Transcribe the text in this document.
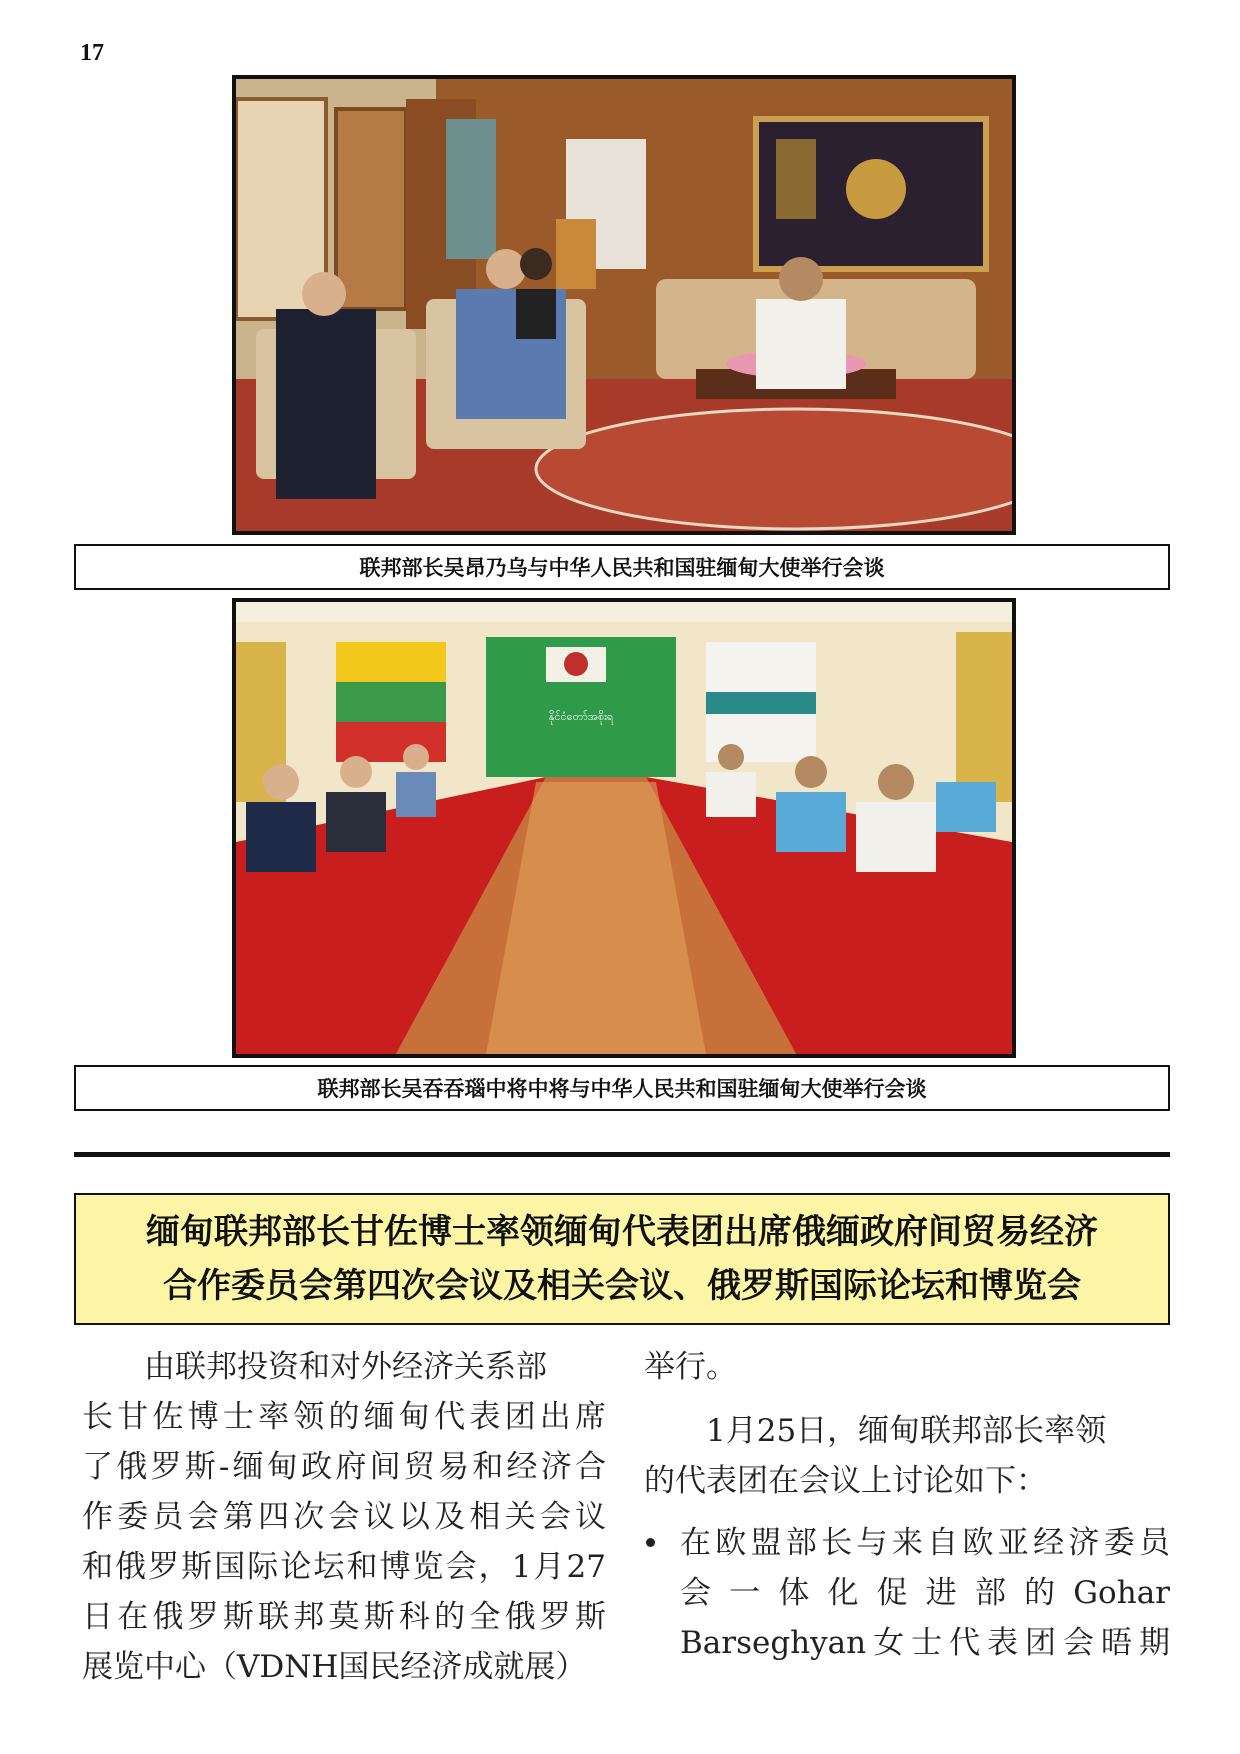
17
联邦部长吴昂乃乌与中华人民共和国驻缅甸大使举行会谈
နိုင်ငံတော်အစိုးရ
联邦部长吴吞吞瑙中将中将与中华人民共和国驻缅甸大使举行会谈
缅甸联邦部长甘佐博士率领缅甸代表团出席俄缅政府间贸易经济
合作委员会第四次会议及相关会议、俄罗斯国际论坛和博览会

由联邦投资和对外经济关系部

长甘佐博士率领的缅甸代表团出席

了俄罗斯-缅甸政府间贸易和经济合

作委员会第四次会议以及相关会议

和俄罗斯国际论坛和博览会，1月27

日在俄罗斯联邦莫斯科的全俄罗斯

展览中心（VDNH国民经济成就展）

举行。

1月25日，缅甸联邦部长率领

的代表团在会议上讨论如下：

在欧盟部长与来自欧亚经济委员

会一体化促进部的Gohar

Barseghyan女士代表团会晤期
